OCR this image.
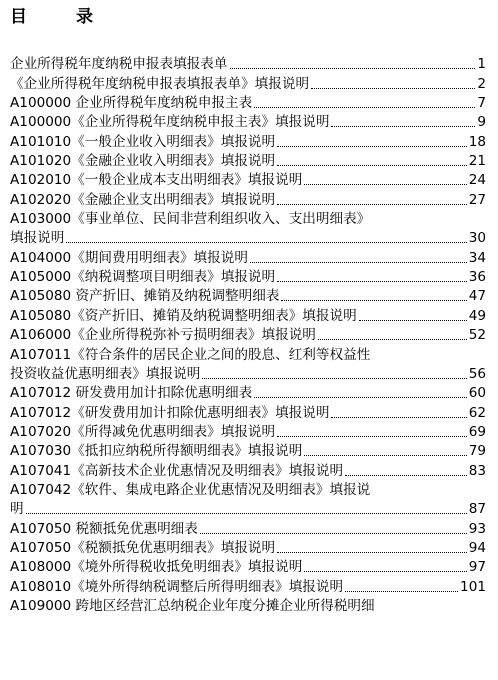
目　录
企业所得税年度纳税申报表填报表单	1
《企业所得税年度纳税申报表填报表单》填报说明	2
A100000 企业所得税年度纳税申报主表	7
A100000《企业所得税年度纳税申报主表》填报说明	9
A101010《一般企业收入明细表》填报说明	18
A101020《金融企业收入明细表》填报说明	21
A102010《一般企业成本支出明细表》填报说明	24
A102020《金融企业支出明细表》填报说明	27
A103000《事业单位、民间非营利组织收入、支出明细表》
填报说明	30
A104000《期间费用明细表》填报说明	34
A105000《纳税调整项目明细表》填报说明	36
A105080 资产折旧、摊销及纳税调整明细表	47
A105080《资产折旧、摊销及纳税调整明细表》填报说明	49
A106000《企业所得税弥补亏损明细表》填报说明	52
A107011《符合条件的居民企业之间的股息、红利等权益性
投资收益优惠明细表》填报说明	56
A107012 研发费用加计扣除优惠明细表	60
A107012《研发费用加计扣除优惠明细表》填报说明	62
A107020《所得减免优惠明细表》填报说明	69
A107030《抵扣应纳税所得额明细表》填报说明	79
A107041《高新技术企业优惠情况及明细表》填报说明	83
A107042《软件、集成电路企业优惠情况及明细表》填报说
明	87
A107050 税额抵免优惠明细表	93
A107050《税额抵免优惠明细表》填报说明	94
A108000《境外所得税收抵免明细表》填报说明	97
A108010《境外所得纳税调整后所得明细表》填报说明	101
A109000 跨地区经营汇总纳税企业年度分摊企业所得税明细
